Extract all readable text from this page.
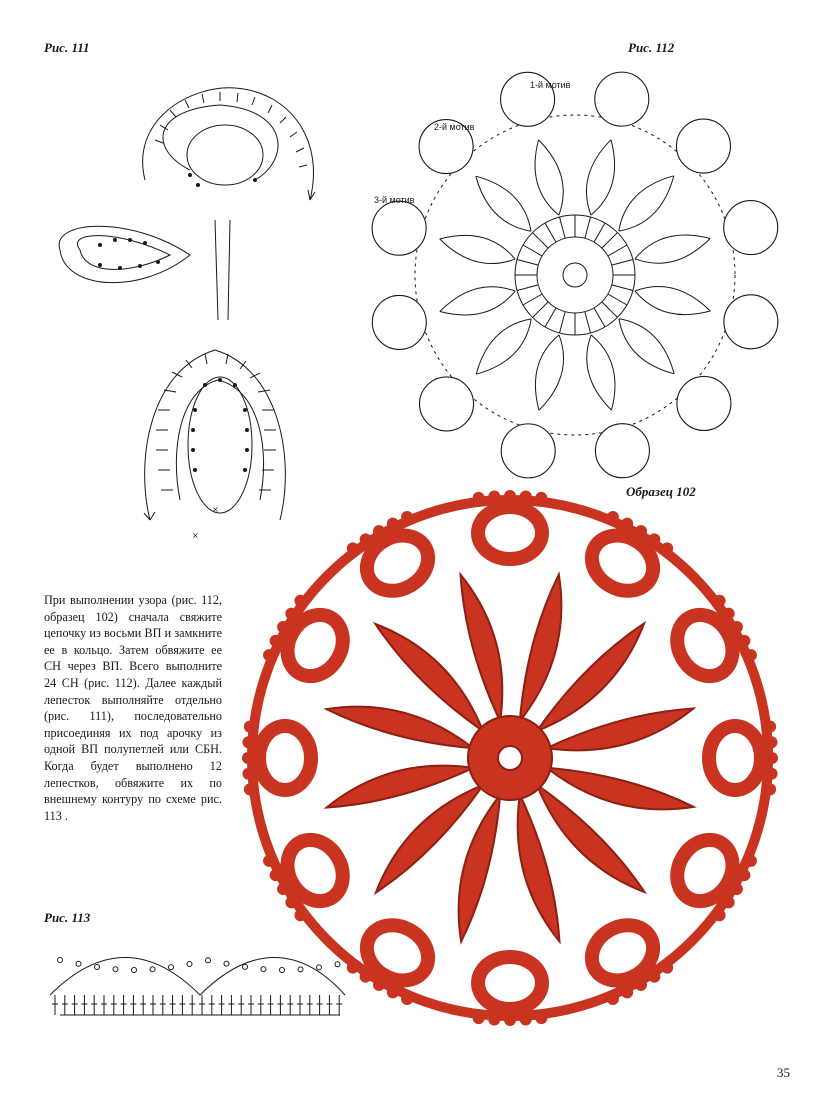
Рис. 111	Рис. 112
Образец 102
Рис. 113
×
×
1-й мотив
2-й мотив
3-й мотив
При выполнении узора (рис. 112, образец 102) сначала свяжите цепочку из восьми ВП и замкните ее в кольцо. Затем обвяжите ее СН через ВП. Всего выполните 24 СН (рис. 112). Далее каждый лепесток выполняйте отдельно (рис. 111), последовательно присоединяя их под арочку из одной ВП полупетлей или СБН. Когда будет выполнено 12 лепестков, обвяжите их по внешнему контуру по схеме рис. 113 .
35
